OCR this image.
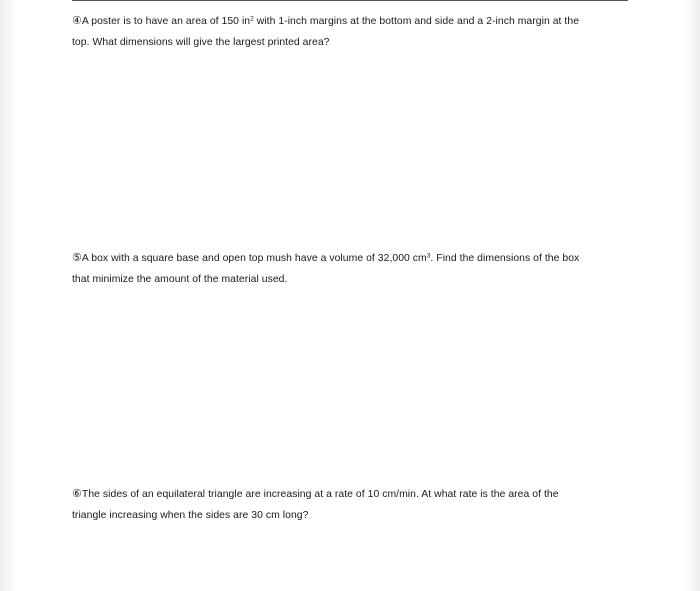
④A poster is to have an area of 150 $in^2$ with 1-inch margins at the bottom and side and a 2-inch margin at the
top. What dimensions will give the largest printed area?
⑤A box with a square base and open top mush have a volume of 32,000 $cm^3$. Find the dimensions of the box
that minimize the amount of the material used.
⑥The sides of an equilateral triangle are increasing at a rate of 10 cm/min. At what rate is the area of the
triangle increasing when the sides are 30 cm long?
